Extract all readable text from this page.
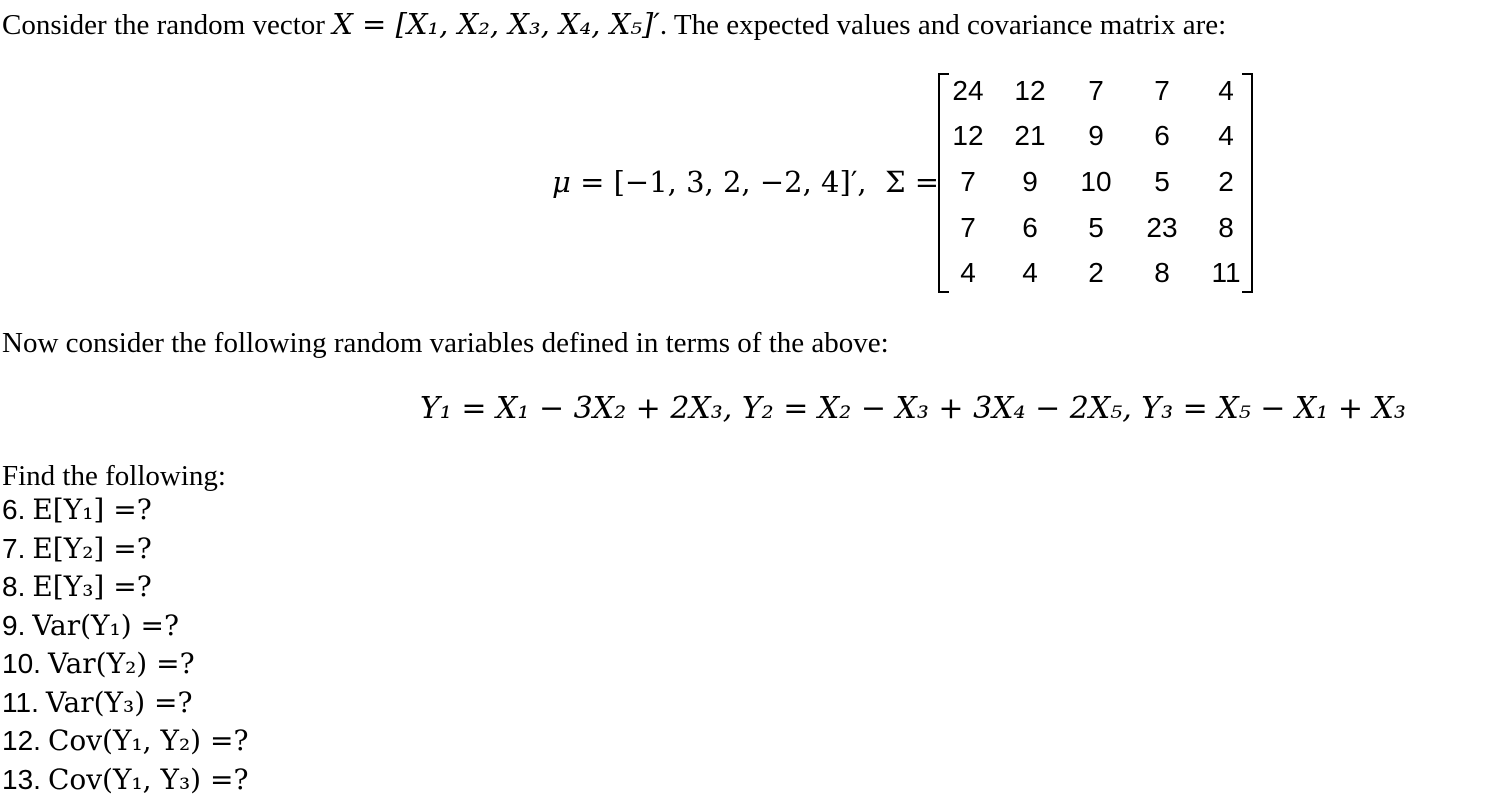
Consider the random vector X = [X₁, X₂, X₃, X₄, X₅]′. The expected values and covariance matrix are:
μ = [−1, 3, 2, −2, 4]′, Σ =
24	12	7	7	4
12	21	9	6	4
7	9	10	5	2
7	6	5	23	8
4	4	2	8	11
Now consider the following random variables defined in terms of the above:
Y₁ = X₁ − 3X₂ + 2X₃, Y₂ = X₂ − X₃ + 3X₄ − 2X₅, Y₃ = X₅ − X₁ + X₃
Find the following:
6. E[Y₁] =?
7. E[Y₂] =?
8. E[Y₃] =?
9. Var(Y₁) =?
10. Var(Y₂) =?
11. Var(Y₃) =?
12. Cov(Y₁, Y₂) =?
13. Cov(Y₁, Y₃) =?
